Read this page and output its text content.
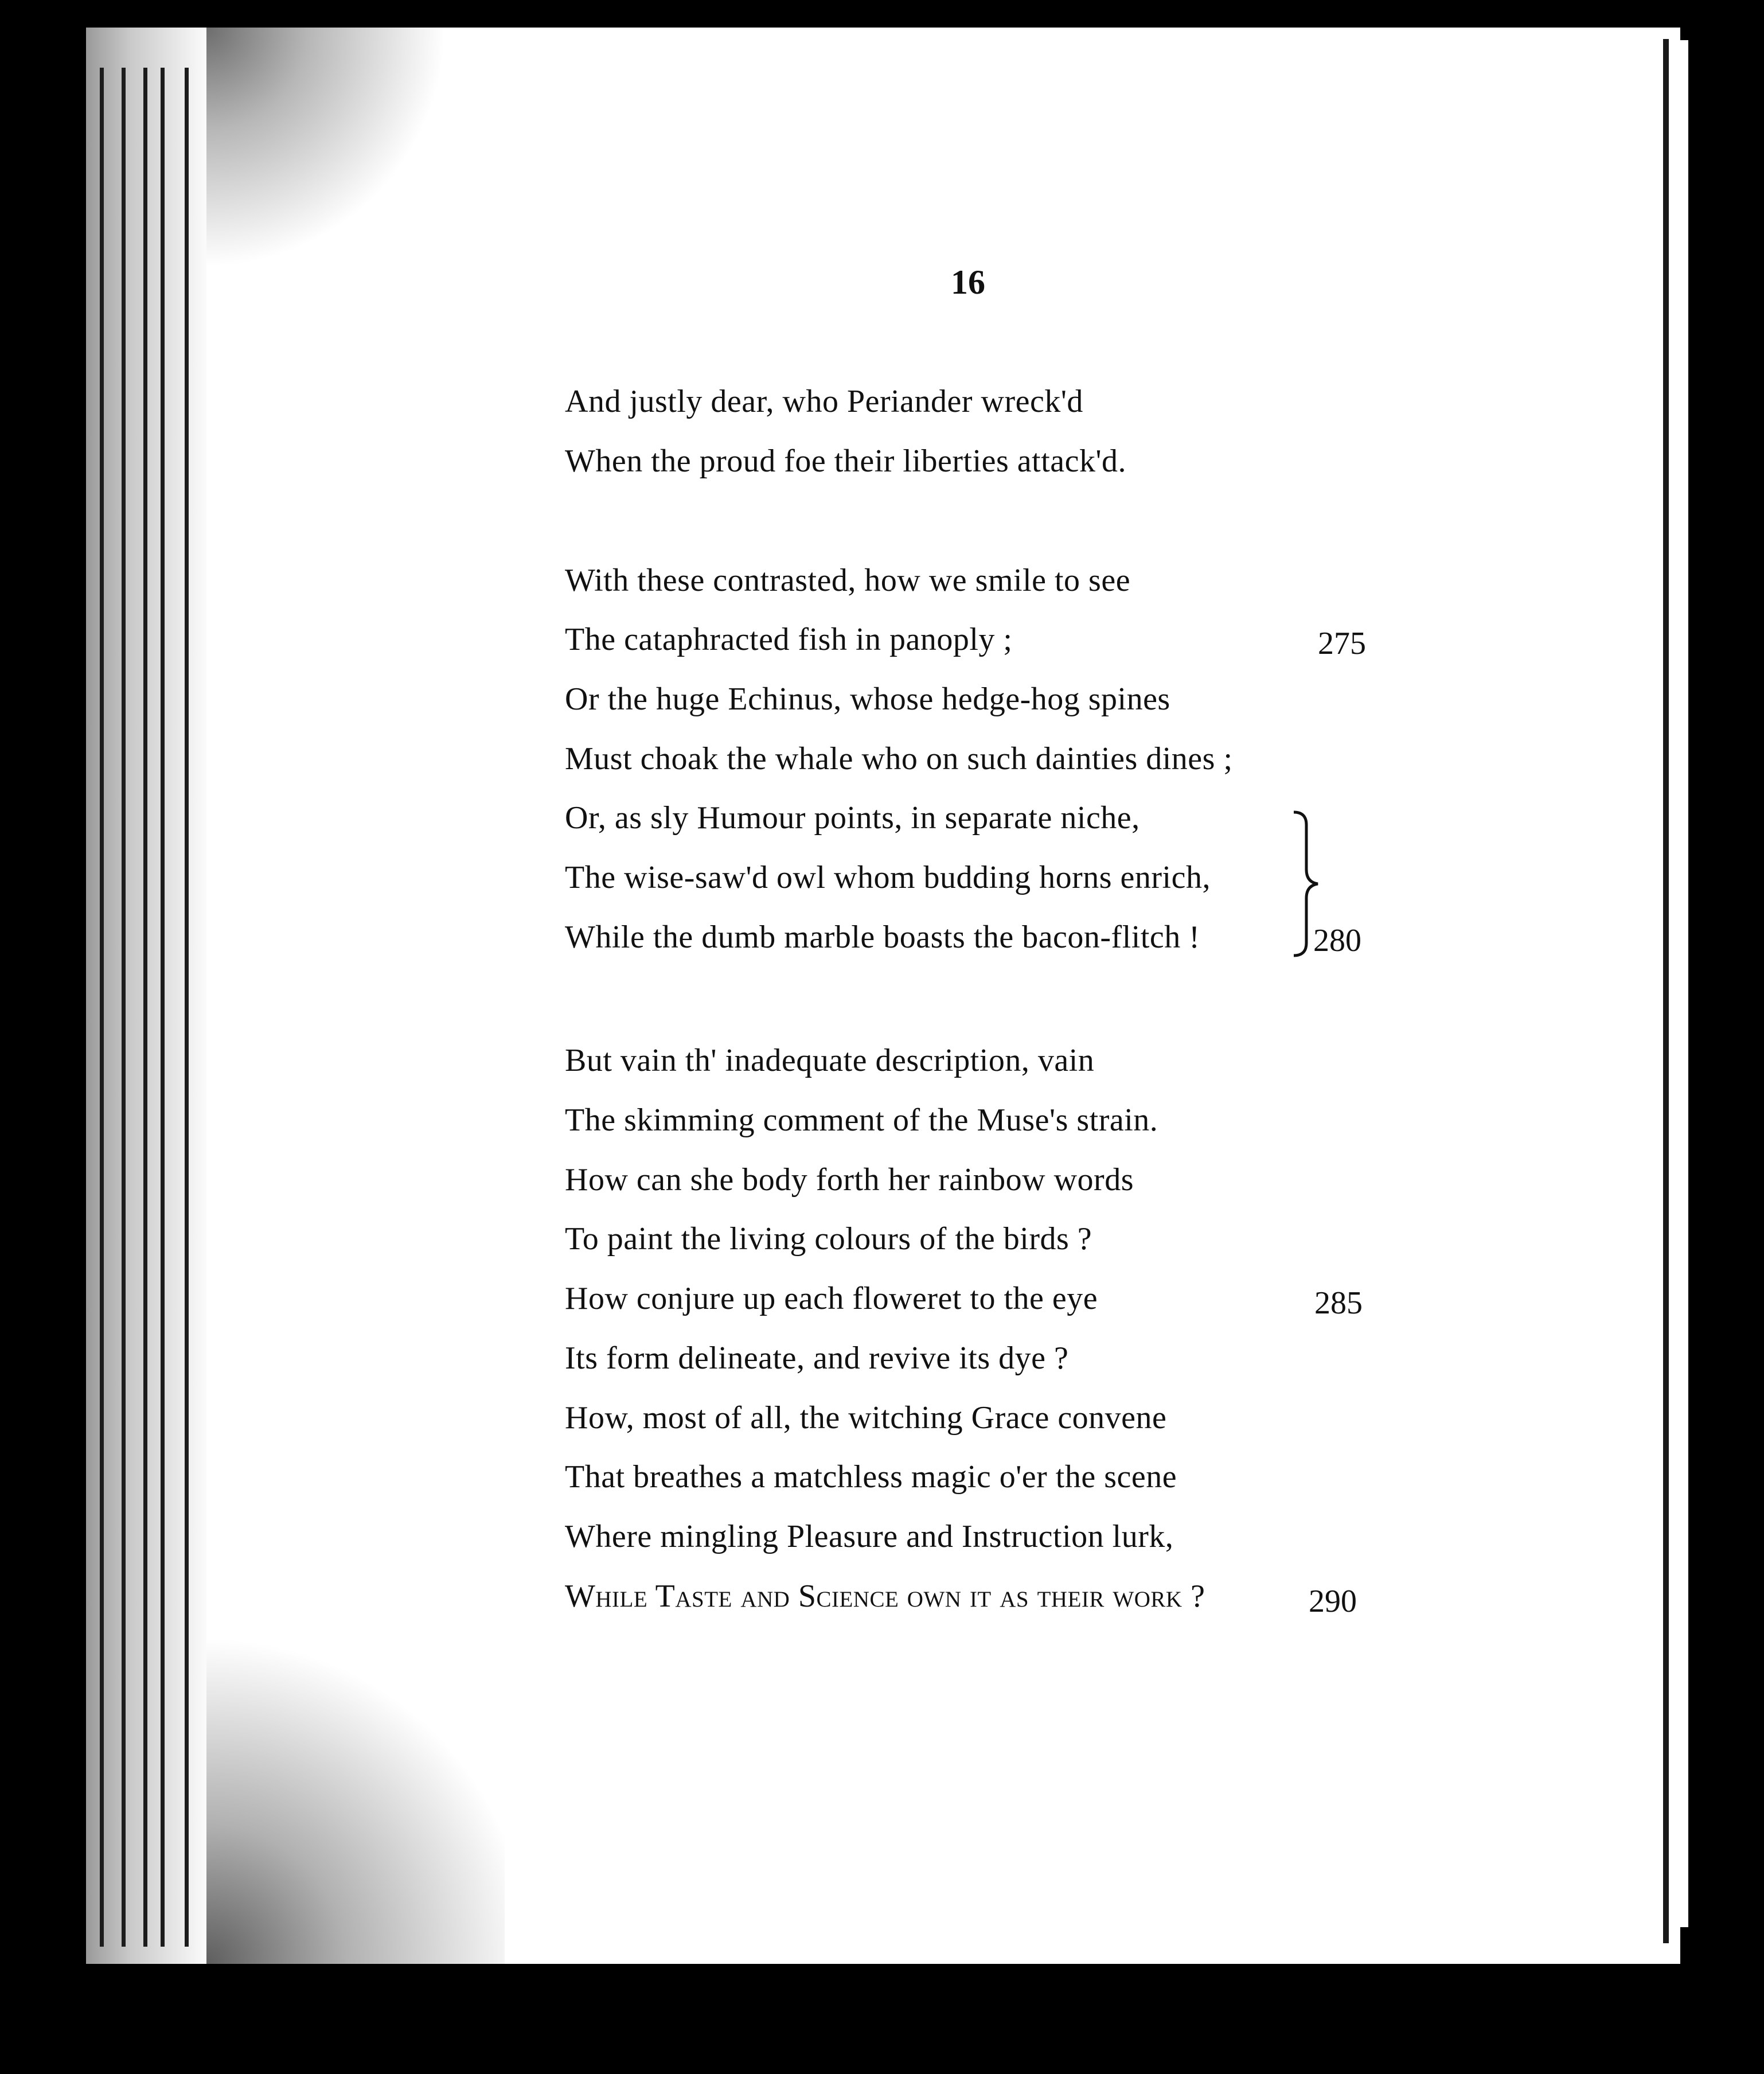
16
And justly dear, who Periander wreck'd
When the proud foe their liberties attack'd.
With these contrasted, how we smile to see
The cataphracted fish in panoply ;	275
Or the huge Echinus, whose hedge-hog spines
Must choak the whale who on such dainties dines ;
Or, as sly Humour points, in separate niche,
The wise-saw'd owl whom budding horns enrich,
While the dumb marble boasts the bacon-flitch !	280
But vain th' inadequate description, vain
The skimming comment of the Muse's strain.
How can she body forth her rainbow words
To paint the living colours of the birds ?
How conjure up each floweret to the eye	285
Its form delineate, and revive its dye ?
How, most of all, the witching Grace convene
That breathes a matchless magic o'er the scene
Where mingling Pleasure and Instruction lurk,
While Taste and Science own it as their work ?	290
